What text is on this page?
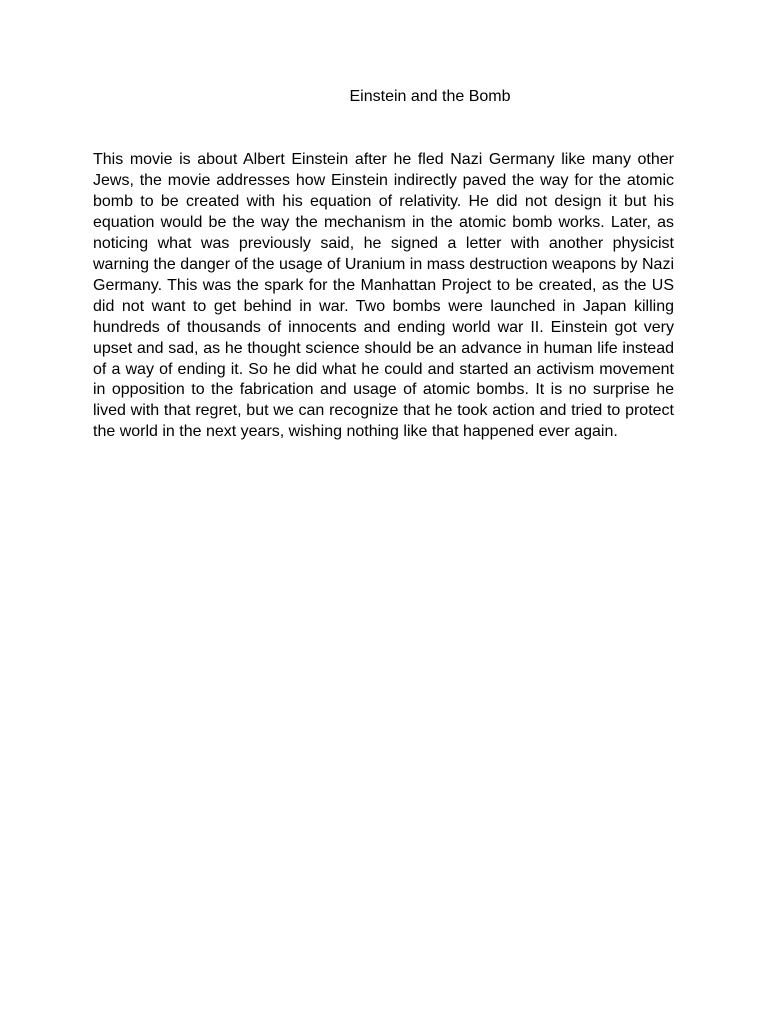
Einstein and the Bomb

This movie is about Albert Einstein after he fled Nazi Germany like many other Jews, the movie addresses how Einstein indirectly paved the way for the atomic bomb to be created with his equation of relativity. He did not design it but his equation would be the way the mechanism in the atomic bomb works. Later, as noticing what was previously said, he signed a letter with another physicist warning the danger of the usage of Uranium in mass destruction weapons by Nazi Germany. This was the spark for the Manhattan Project to be created, as the US did not want to get behind in war. Two bombs were launched in Japan killing hundreds of thousands of innocents and ending world war II. Einstein got very upset and sad, as he thought science should be an advance in human life instead of a way of ending it. So he did what he could and started an activism movement in opposition to the fabrication and usage of atomic bombs. It is no surprise he lived with that regret, but we can recognize that he took action and tried to protect the world in the next years, wishing nothing like that happened ever again.
